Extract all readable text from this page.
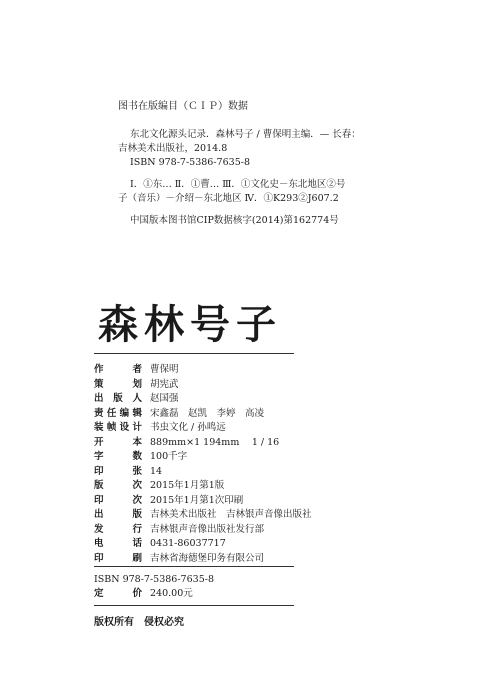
图书在版编目（ＣＩＰ）数据
东北文化源头记录．森林号子 / 曹保明主编．— 长春：
吉林美术出版社，2014.8
ISBN 978-7-5386-7635-8
Ⅰ．①东… Ⅱ．①曹… Ⅲ．①文化史－东北地区②号
子（音乐）－介绍－东北地区 Ⅳ．①K293②J607.2
中国版本图书馆CIP数据核字(2014)第162774号
森林号子
作者 曹保明
策划 胡宪武
出版人 赵国强
责任编辑 宋鑫磊　赵凯　李婷　高凌
装帧设计 书虫文化 / 孙鸣远
开本 889mm×1 194mm　 1 / 16
字数 100千字
印张 14
版次 2015年1月第1版
印次 2015年1月第1次印刷
出版 吉林美术出版社　吉林银声音像出版社
发行 吉林银声音像出版社发行部
电话 0431-86037717
印刷 吉林省海德堡印务有限公司
ISBN 978-7-5386-7635-8
定价 240.00元
版权所有　侵权必究
